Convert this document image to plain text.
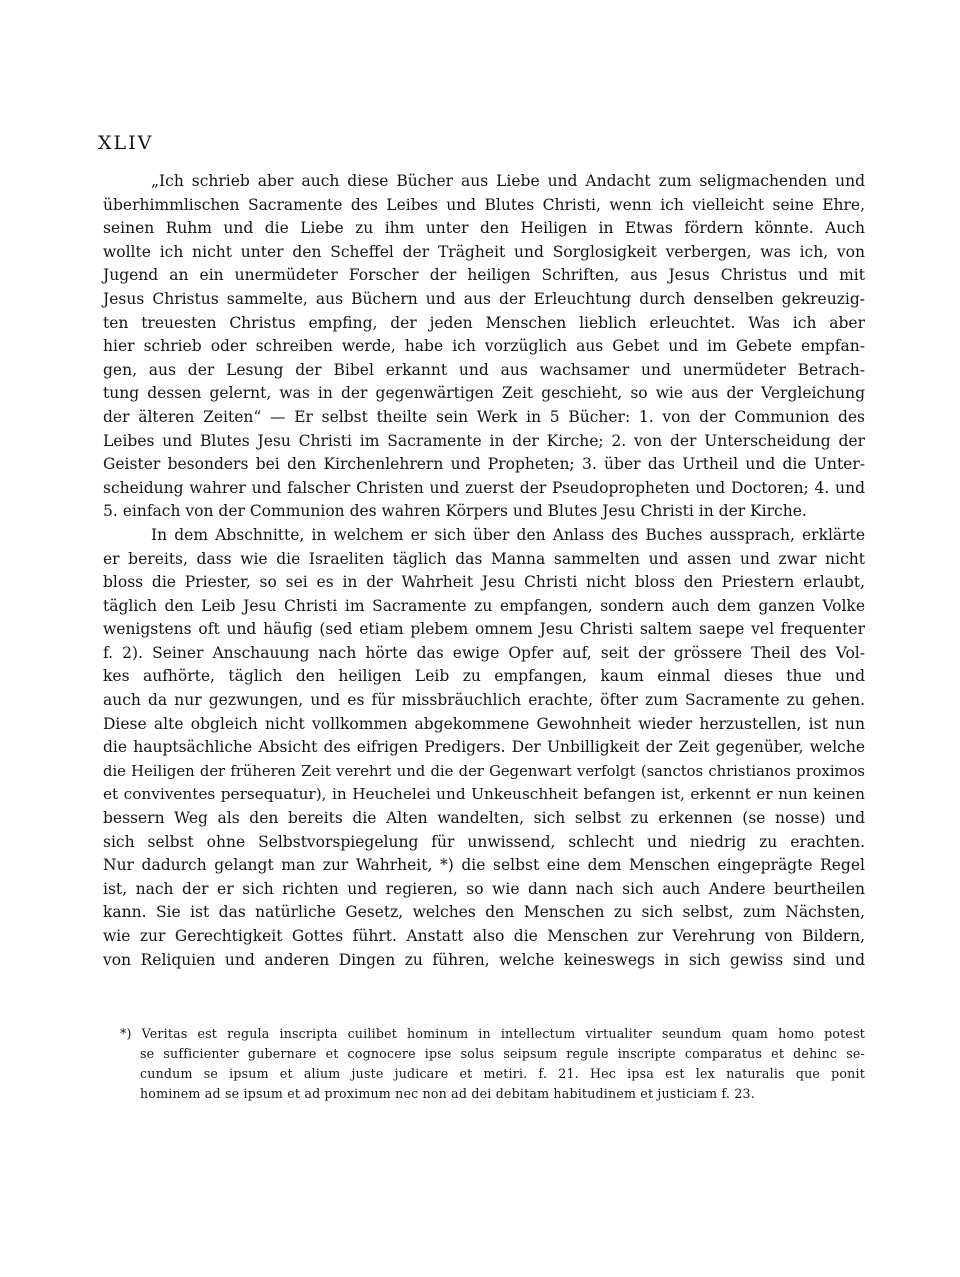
XLIV
„Ich schrieb aber auch diese Bücher aus Liebe und Andacht zum seligmachenden und
überhimmlischen Sacramente des Leibes und Blutes Christi, wenn ich vielleicht seine Ehre,
seinen Ruhm und die Liebe zu ihm unter den Heiligen in Etwas fördern könnte. Auch
wollte ich nicht unter den Scheffel der Trägheit und Sorglosigkeit verbergen, was ich, von
Jugend an ein unermüdeter Forscher der heiligen Schriften, aus Jesus Christus und mit
Jesus Christus sammelte, aus Büchern und aus der Erleuchtung durch denselben gekreuzig-
ten treuesten Christus empfing, der jeden Menschen lieblich erleuchtet. Was ich aber
hier schrieb oder schreiben werde, habe ich vorzüglich aus Gebet und im Gebete empfan-
gen, aus der Lesung der Bibel erkannt und aus wachsamer und unermüdeter Betrach-
tung dessen gelernt, was in der gegenwärtigen Zeit geschieht, so wie aus der Vergleichung
der älteren Zeiten“ — Er selbst theilte sein Werk in 5 Bücher: 1. von der Communion des
Leibes und Blutes Jesu Christi im Sacramente in der Kirche; 2. von der Unterscheidung der
Geister besonders bei den Kirchenlehrern und Propheten; 3. über das Urtheil und die Unter-
scheidung wahrer und falscher Christen und zuerst der Pseudopropheten und Doctoren; 4. und
5. einfach von der Communion des wahren Körpers und Blutes Jesu Christi in der Kirche.
In dem Abschnitte, in welchem er sich über den Anlass des Buches aussprach, erklärte
er bereits, dass wie die Israeliten täglich das Manna sammelten und assen und zwar nicht
bloss die Priester, so sei es in der Wahrheit Jesu Christi nicht bloss den Priestern erlaubt,
täglich den Leib Jesu Christi im Sacramente zu empfangen, sondern auch dem ganzen Volke
wenigstens oft und häufig (sed etiam plebem omnem Jesu Christi saltem saepe vel frequenter
f. 2). Seiner Anschauung nach hörte das ewige Opfer auf, seit der grössere Theil des Vol-
kes aufhörte, täglich den heiligen Leib zu empfangen, kaum einmal dieses thue und
auch da nur gezwungen, und es für missbräuchlich erachte, öfter zum Sacramente zu gehen.
Diese alte obgleich nicht vollkommen abgekommene Gewohnheit wieder herzustellen, ist nun
die hauptsächliche Absicht des eifrigen Predigers. Der Unbilligkeit der Zeit gegenüber, welche
die Heiligen der früheren Zeit verehrt und die der Gegenwart verfolgt (sanctos christianos proximos
et conviventes persequatur), in Heuchelei und Unkeuschheit befangen ist, erkennt er nun keinen
bessern Weg als den bereits die Alten wandelten, sich selbst zu erkennen (se nosse) und
sich selbst ohne Selbstvorspiegelung für unwissend, schlecht und niedrig zu erachten.
Nur dadurch gelangt man zur Wahrheit, *) die selbst eine dem Menschen eingeprägte Regel
ist, nach der er sich richten und regieren, so wie dann nach sich auch Andere beurtheilen
kann. Sie ist das natürliche Gesetz, welches den Menschen zu sich selbst, zum Nächsten,
wie zur Gerechtigkeit Gottes führt. Anstatt also die Menschen zur Verehrung von Bildern,
von Reliquien und anderen Dingen zu führen, welche keineswegs in sich gewiss sind und
*) Veritas est regula inscripta cuilibet hominum in intellectum virtualiter seundum quam homo potest
se sufficienter gubernare et cognocere ipse solus seipsum regule inscripte comparatus et dehinc se-
cundum se ipsum et alium juste judicare et metiri. f. 21. Hec ipsa est lex naturalis que ponit
hominem ad se ipsum et ad proximum nec non ad dei debitam habitudinem et justiciam f. 23.
